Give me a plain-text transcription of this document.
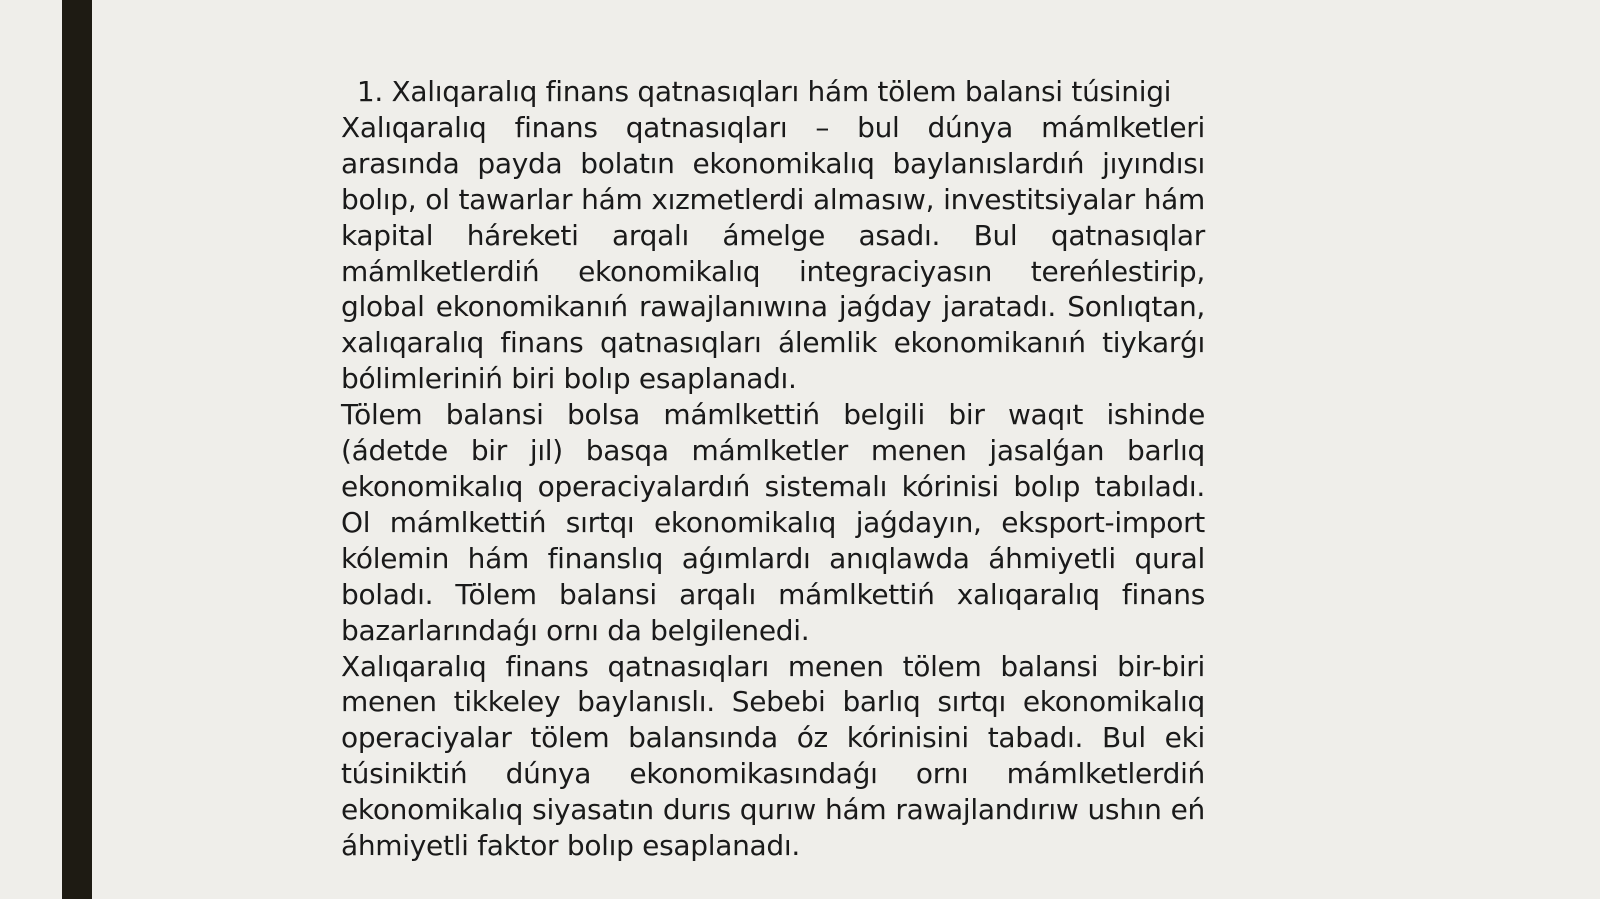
1. Xalıqaralıq finans qatnasıqları hám tölem balansi túsinigi

Xalıqaralıq finans qatnasıqları – bul dúnya mámlketleri arasında payda bolatın ekonomikalıq baylanıslardıń jıyındısı bolıp, ol tawarlar hám xızmetlerdi almasıw, investitsiyalar hám kapital háreketi arqalı ámelge asadı. Bul qatnasıqlar mámlketlerdiń ekonomikalıq integraciyasın tereńlestirip, global ekonomikanıń rawajlanıwına jaǵday jaratadı. Sonlıqtan, xalıqaralıq finans qatnasıqları álemlik ekonomikanıń tiykarǵı bólimleriniń biri bolıp esaplanadı.

Tölem balansi bolsa mámlkettiń belgili bir waqıt ishinde (ádetde bir jıl) basqa mámlketler menen jasalǵan barlıq ekonomikalıq operaciyalardıń sistemalı kórinisi bolıp tabıladı. Ol mámlkettiń sırtqı ekonomikalıq jaǵdayın, eksport-import kólemin hám finanslıq aǵımlardı anıqlawda áhmiyetli qural boladı. Tölem balansi arqalı mámlkettiń xalıqaralıq finans bazarlarındaǵı ornı da belgilenedi.

Xalıqaralıq finans qatnasıqları menen tölem balansi bir-biri menen tikkeley baylanıslı. Sebebi barlıq sırtqı ekonomikalıq operaciyalar tölem balansında óz kórinisini tabadı. Bul eki túsiniktiń dúnya ekonomikasındaǵı ornı mámlketlerdiń ekonomikalıq siyasatın durıs qurıw hám rawajlandırıw ushın eń áhmiyetli faktor bolıp esaplanadı.
